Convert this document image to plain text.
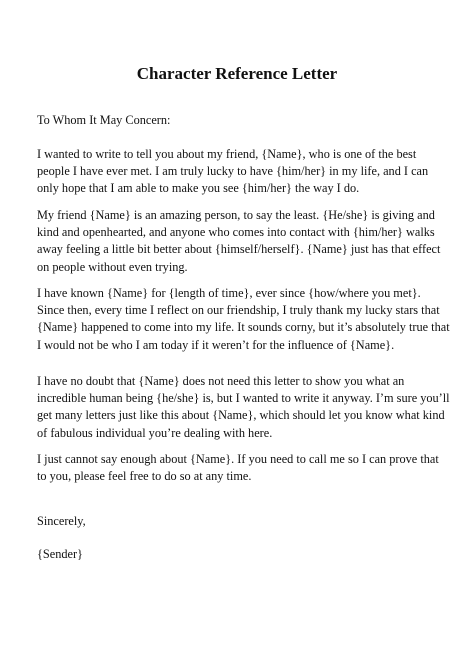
Character Reference Letter

To Whom It May Concern:

I wanted to write to tell you about my friend, {Name}, who is one of the best people I have ever met. I am truly lucky to have {him/her} in my life, and I can only hope that I am able to make you see {him/her} the way I do.

My friend {Name} is an amazing person, to say the least. {He/she} is giving and kind and openhearted, and anyone who comes into contact with {him/her} walks away feeling a little bit better about {himself/herself}. {Name} just has that effect on people without even trying.

I have known {Name} for {length of time}, ever since {how/where you met}. Since then, every time I reflect on our friendship, I truly thank my lucky stars that {Name} happened to come into my life. It sounds corny, but it’s absolutely true that I would not be who I am today if it weren’t for the influence of {Name}.

I have no doubt that {Name} does not need this letter to show you what an incredible human being {he/she} is, but I wanted to write it anyway. I’m sure you’ll get many letters just like this about {Name}, which should let you know what kind of fabulous individual you’re dealing with here.

I just cannot say enough about {Name}. If you need to call me so I can prove that to you, please feel free to do so at any time.

Sincerely,

{Sender}
